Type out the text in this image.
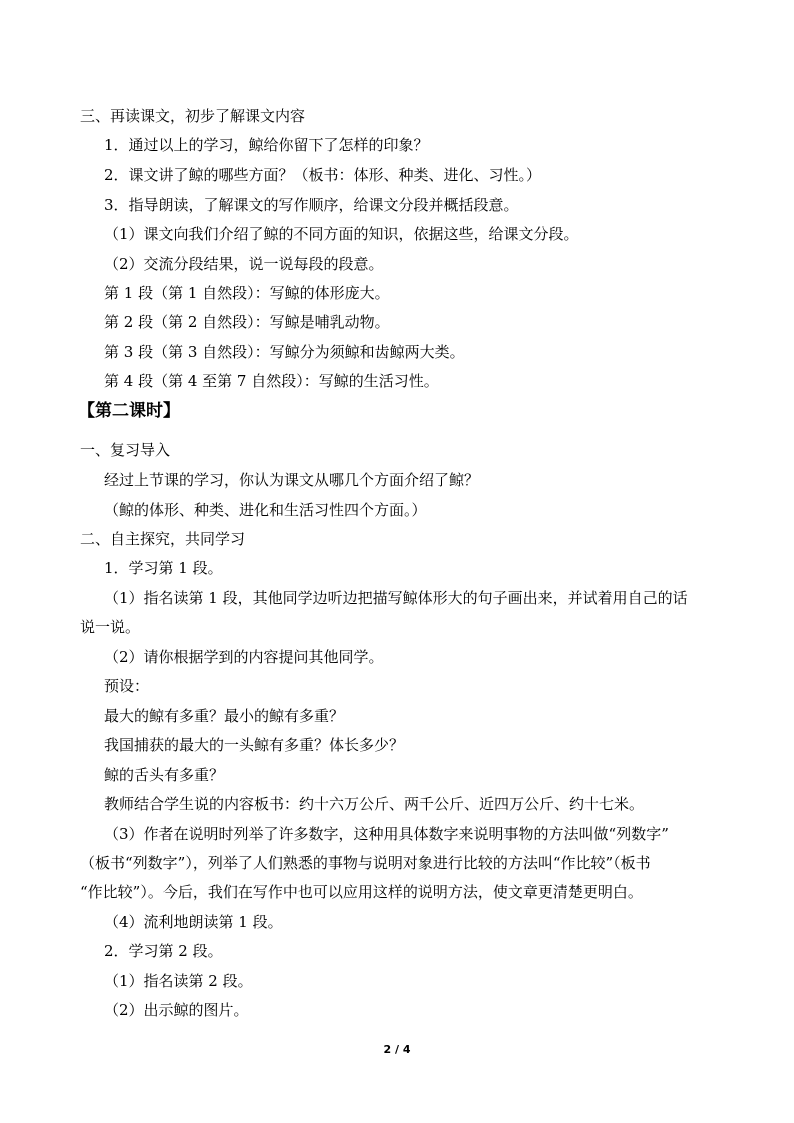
三、再读课文，初步了解课文内容
1．通过以上的学习，鲸给你留下了怎样的印象？
2．课文讲了鲸的哪些方面？（板书：体形、种类、进化、习性。）
3．指导朗读，了解课文的写作顺序，给课文分段并概括段意。
（1）课文向我们介绍了鲸的不同方面的知识，依据这些，给课文分段。
（2）交流分段结果，说一说每段的段意。
第 1 段（第 1 自然段）：写鲸的体形庞大。
第 2 段（第 2 自然段）：写鲸是哺乳动物。
第 3 段（第 3 自然段）：写鲸分为须鲸和齿鲸两大类。
第 4 段（第 4 至第 7 自然段）：写鲸的生活习性。
【第二课时】
一、复习导入
经过上节课的学习，你认为课文从哪几个方面介绍了鲸？
（鲸的体形、种类、进化和生活习性四个方面。）
二、自主探究，共同学习
1．学习第 1 段。
（1）指名读第 1 段，其他同学边听边把描写鲸体形大的句子画出来，并试着用自己的话
说一说。
（2）请你根据学到的内容提问其他同学。
预设：
最大的鲸有多重？最小的鲸有多重？
我国捕获的最大的一头鲸有多重？体长多少？
鲸的舌头有多重？
教师结合学生说的内容板书：约十六万公斤、两千公斤、近四万公斤、约十七米。
（3）作者在说明时列举了许多数字，这种用具体数字来说明事物的方法叫做“列数字”
（板书“列数字”），列举了人们熟悉的事物与说明对象进行比较的方法叫“作比较”（板书
“作比较”）。今后，我们在写作中也可以应用这样的说明方法，使文章更清楚更明白。
（4）流利地朗读第 1 段。
2．学习第 2 段。
（1）指名读第 2 段。
（2）出示鲸的图片。
2 / 4
